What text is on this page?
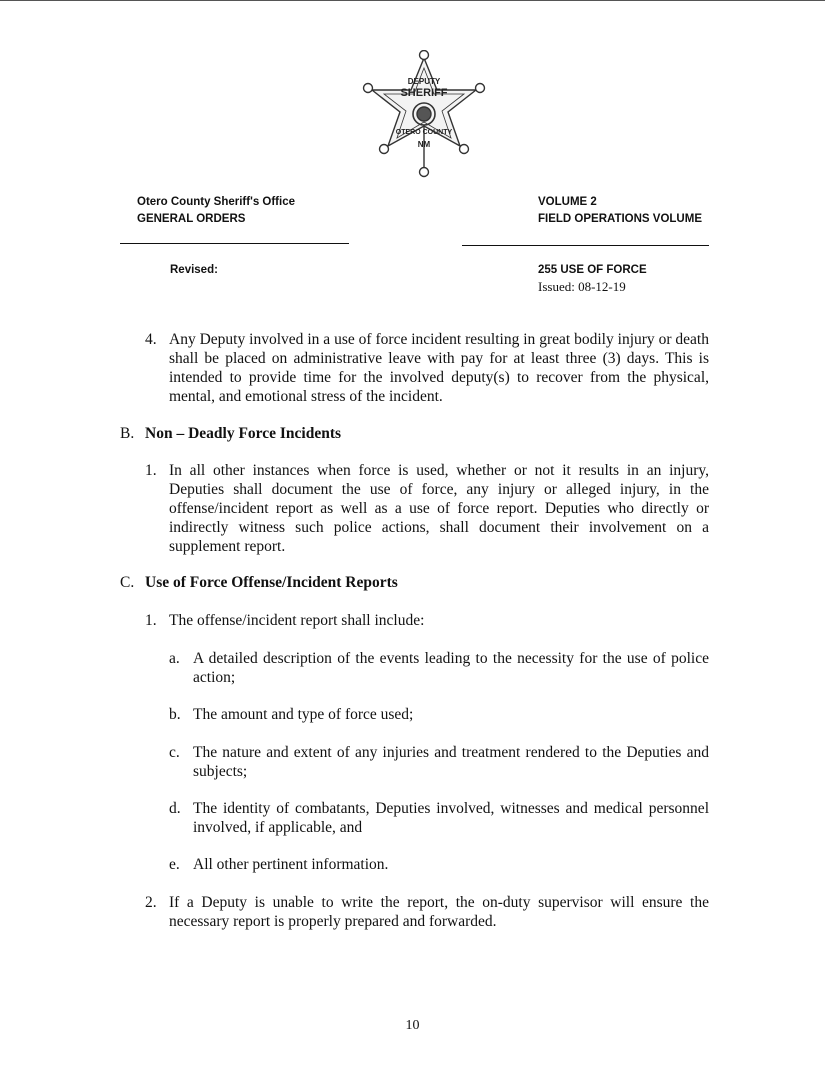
DEPUTY
SHERIFF
OTERO COUNTY
NM
Otero County Sheriff's Office
GENERAL ORDERS
VOLUME 2
FIELD OPERATIONS VOLUME
Revised:	255 USE OF FORCE
Issued: 08-12-19
4. Any Deputy involved in a use of force incident resulting in great bodily injury or death shall be placed on administrative leave with pay for at least three (3) days. This is intended to provide time for the involved deputy(s) to recover from the physical, mental, and emotional stress of the incident.
B. Non – Deadly Force Incidents
1. In all other instances when force is used, whether or not it results in an injury, Deputies shall document the use of force, any injury or alleged injury, in the offense/incident report as well as a use of force report. Deputies who directly or indirectly witness such police actions, shall document their involvement on a supplement report.
C. Use of Force Offense/Incident Reports
1. The offense/incident report shall include:
a. A detailed description of the events leading to the necessity for the use of police action;
b. The amount and type of force used;
c. The nature and extent of any injuries and treatment rendered to the Deputies and subjects;
d. The identity of combatants, Deputies involved, witnesses and medical personnel involved, if applicable, and
e. All other pertinent information.
2. If a Deputy is unable to write the report, the on-duty supervisor will ensure the necessary report is properly prepared and forwarded.
10
